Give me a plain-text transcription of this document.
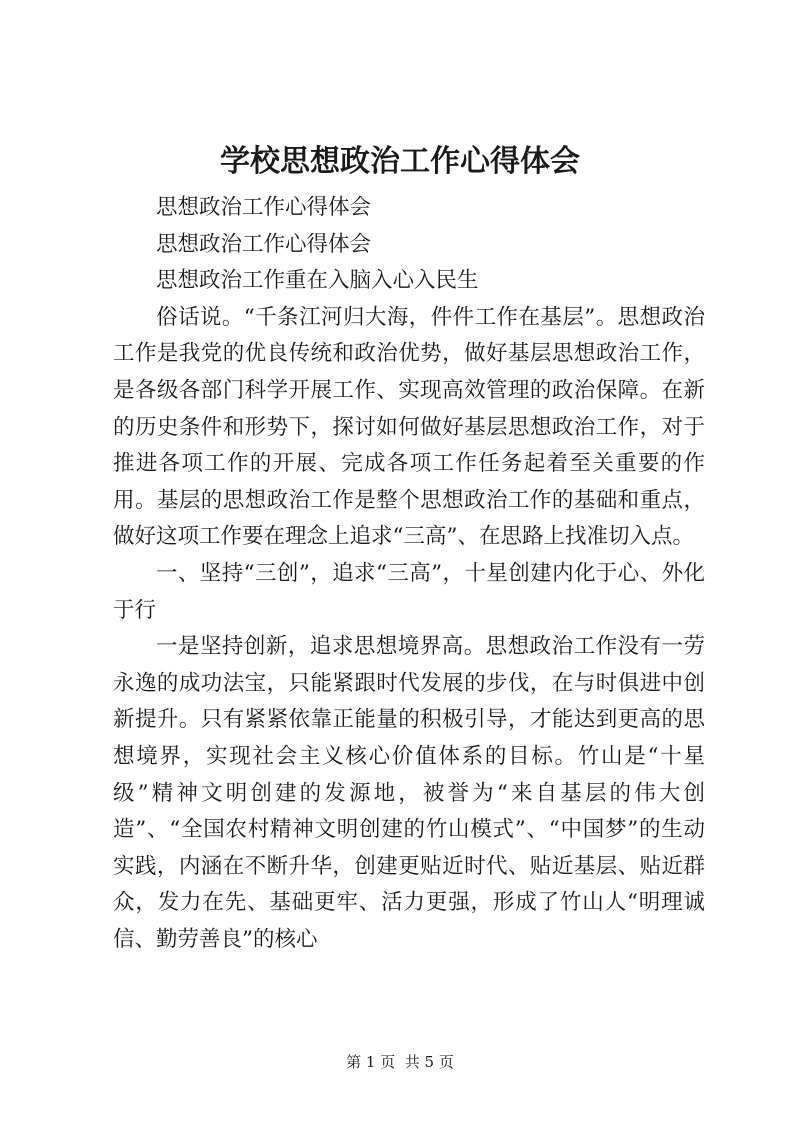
学校思想政治工作心得体会

思想政治工作心得体会

思想政治工作心得体会

思想政治工作重在入脑入心入民生

俗话说。“千条江河归大海，件件工作在基层”。思想政治工作是我党的优良传统和政治优势，做好基层思想政治工作，是各级各部门科学开展工作、实现高效管理的政治保障。在新的历史条件和形势下，探讨如何做好基层思想政治工作，对于推进各项工作的开展、完成各项工作任务起着至关重要的作用。基层的思想政治工作是整个思想政治工作的基础和重点，做好这项工作要在理念上追求“三高”、在思路上找准切入点。

一、坚持“三创”，追求“三高”，十星创建内化于心、外化于行

一是坚持创新，追求思想境界高。思想政治工作没有一劳永逸的成功法宝，只能紧跟时代发展的步伐，在与时俱进中创新提升。只有紧紧依靠正能量的积极引导，才能达到更高的思想境界，实现社会主义核心价值体系的目标。竹山是“十星级”精神文明创建的发源地，被誉为“来自基层的伟大创造”、“全国农村精神文明创建的竹山模式”、“中国梦”的生动实践，内涵在不断升华，创建更贴近时代、贴近基层、贴近群众，发力在先、基础更牢、活力更强，形成了竹山人“明理诚信、勤劳善良”的核心

第 1 页  共 5 页
